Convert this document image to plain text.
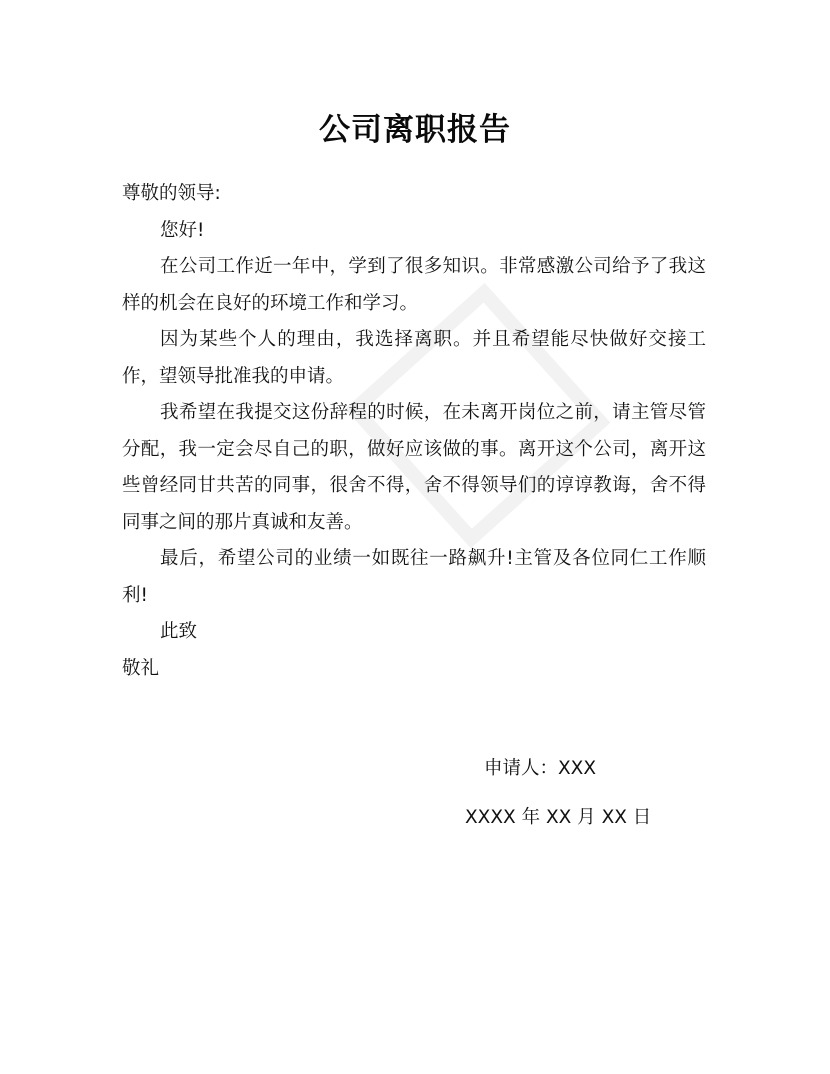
公司离职报告
尊敬的领导:
您好!
在公司工作近一年中，学到了很多知识。非常感激公司给予了我这样的机会在良好的环境工作和学习。
因为某些个人的理由，我选择离职。并且希望能尽快做好交接工作，望领导批准我的申请。
我希望在我提交这份辞程的时候，在未离开岗位之前，请主管尽管分配，我一定会尽自己的职，做好应该做的事。离开这个公司，离开这些曾经同甘共苦的同事，很舍不得，舍不得领导们的谆谆教诲，舍不得同事之间的那片真诚和友善。
最后，希望公司的业绩一如既往一路飙升!主管及各位同仁工作顺利!
此致
敬礼
申请人：XXX
XXXX 年 XX 月 XX 日
